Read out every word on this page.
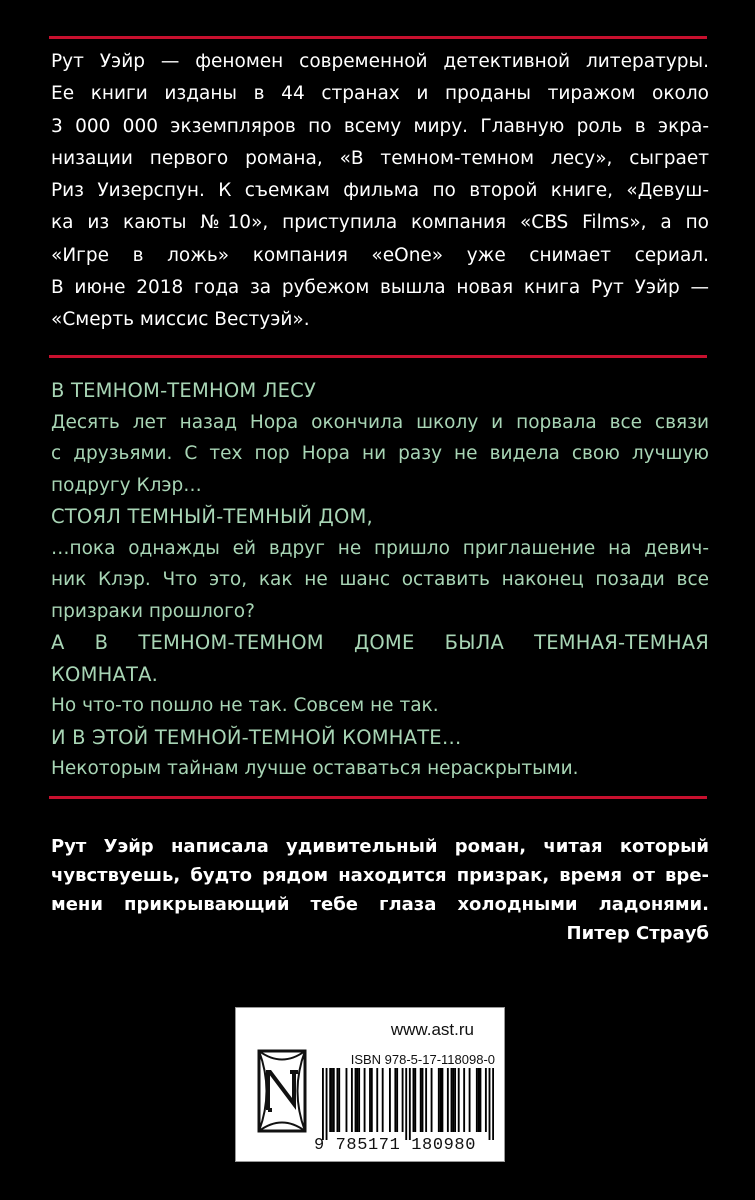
Рут Уэйр — феномен современной детективной литературы.
Ее книги изданы в 44 странах и проданы тиражом около
3 000 000 экземпляров по всему миру. Главную роль в экра-
низации первого романа, «В темном-темном лесу», сыграет
Риз Уизерспун. К съемкам фильма по второй книге, «Девуш-
ка из каюты №10», приступила компания «CBS Films», а по
«Игре в ложь» компания «eOne» уже снимает сериал.
В июне 2018 года за рубежом вышла новая книга Рут Уэйр —
«Смерть миссис Вестуэй».
В ТЕМНОМ-ТЕМНОМ ЛЕСУ
Десять лет назад Нора окончила школу и порвала все связи
с друзьями. С тех пор Нора ни разу не видела свою лучшую
подругу Клэр…
СТОЯЛ ТЕМНЫЙ-ТЕМНЫЙ ДОМ,
…пока однажды ей вдруг не пришло приглашение на девич-
ник Клэр. Что это, как не шанс оставить наконец позади все
призраки прошлого?
А В ТЕМНОМ-ТЕМНОМ ДОМЕ БЫЛА ТЕМНАЯ-ТЕМНАЯ
КОМНАТА.
Но что-то пошло не так. Совсем не так.
И В ЭТОЙ ТЕМНОЙ-ТЕМНОЙ КОМНАТЕ…
Некоторым тайнам лучше оставаться нераскрытыми.
Рут Уэйр написала удивительный роман, читая который
чувствуешь, будто рядом находится призрак, время от вре-
мени прикрывающий тебе глаза холодными ладонями.
Питер Страуб
www.ast.ru
ISBN 978-5-17-118098-0
9 785171 180980
